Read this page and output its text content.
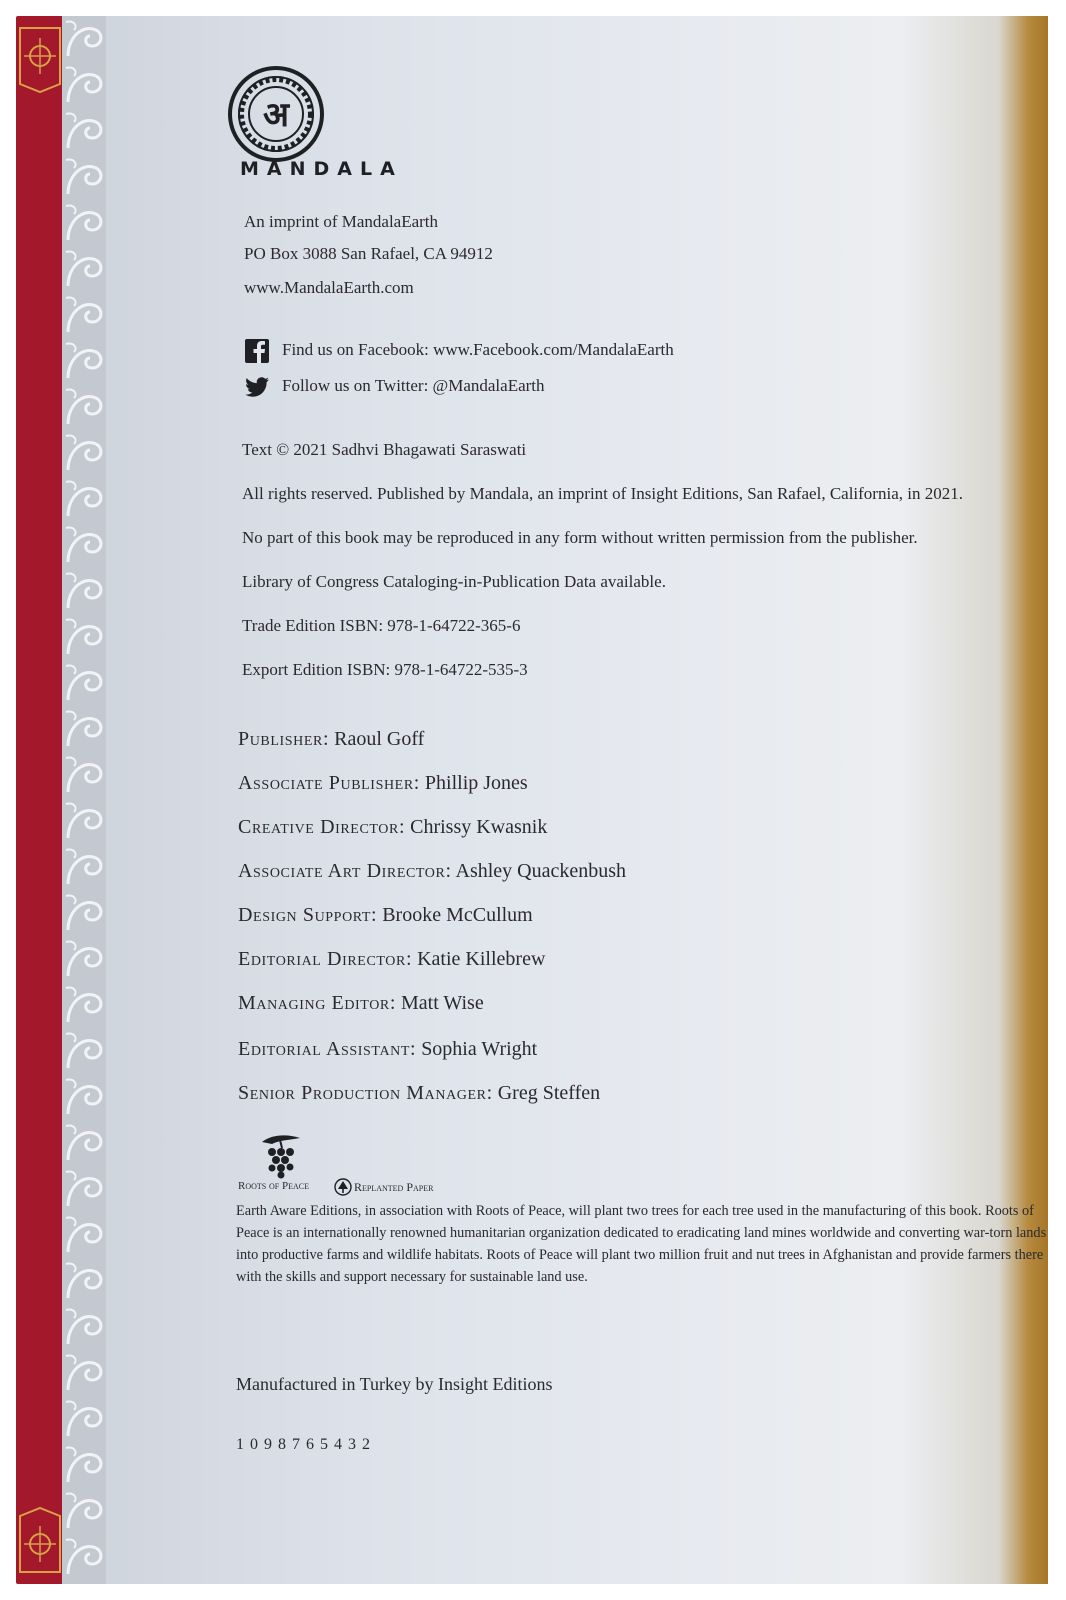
अ
MANDALA
An imprint of MandalaEarth
PO Box 3088 San Rafael, CA 94912
www.MandalaEarth.com
Find us on Facebook: www.Facebook.com/MandalaEarth
Follow us on Twitter: @MandalaEarth
Text © 2021 Sadhvi Bhagawati Saraswati
All rights reserved. Published by Mandala, an imprint of Insight Editions, San Rafael, California, in 2021.
No part of this book may be reproduced in any form without written permission from the publisher.
Library of Congress Cataloging-in-Publication Data available.
Trade Edition ISBN: 978-1-64722-365-6
Export Edition ISBN: 978-1-64722-535-3
Publisher: Raoul Goff
Associate Publisher: Phillip Jones
Creative Director: Chrissy Kwasnik
Associate Art Director: Ashley Quackenbush
Design Support: Brooke McCullum
Editorial Director: Katie Killebrew
Managing Editor: Matt Wise
Editorial Assistant: Sophia Wright
Senior Production Manager: Greg Steffen
Roots of Peace	Replanted Paper
Earth Aware Editions, in association with Roots of Peace, will plant two trees for each tree used in the manufacturing of this book. Roots of Peace is an internationally renowned humanitarian organization dedicated to eradicating land mines worldwide and converting war-torn lands into productive farms and wildlife habitats. Roots of Peace will plant two million fruit and nut trees in Afghanistan and provide farmers there with the skills and support necessary for sustainable land use.
Manufactured in Turkey by Insight Editions
1 0 9 8 7 6 5 4 3 2
